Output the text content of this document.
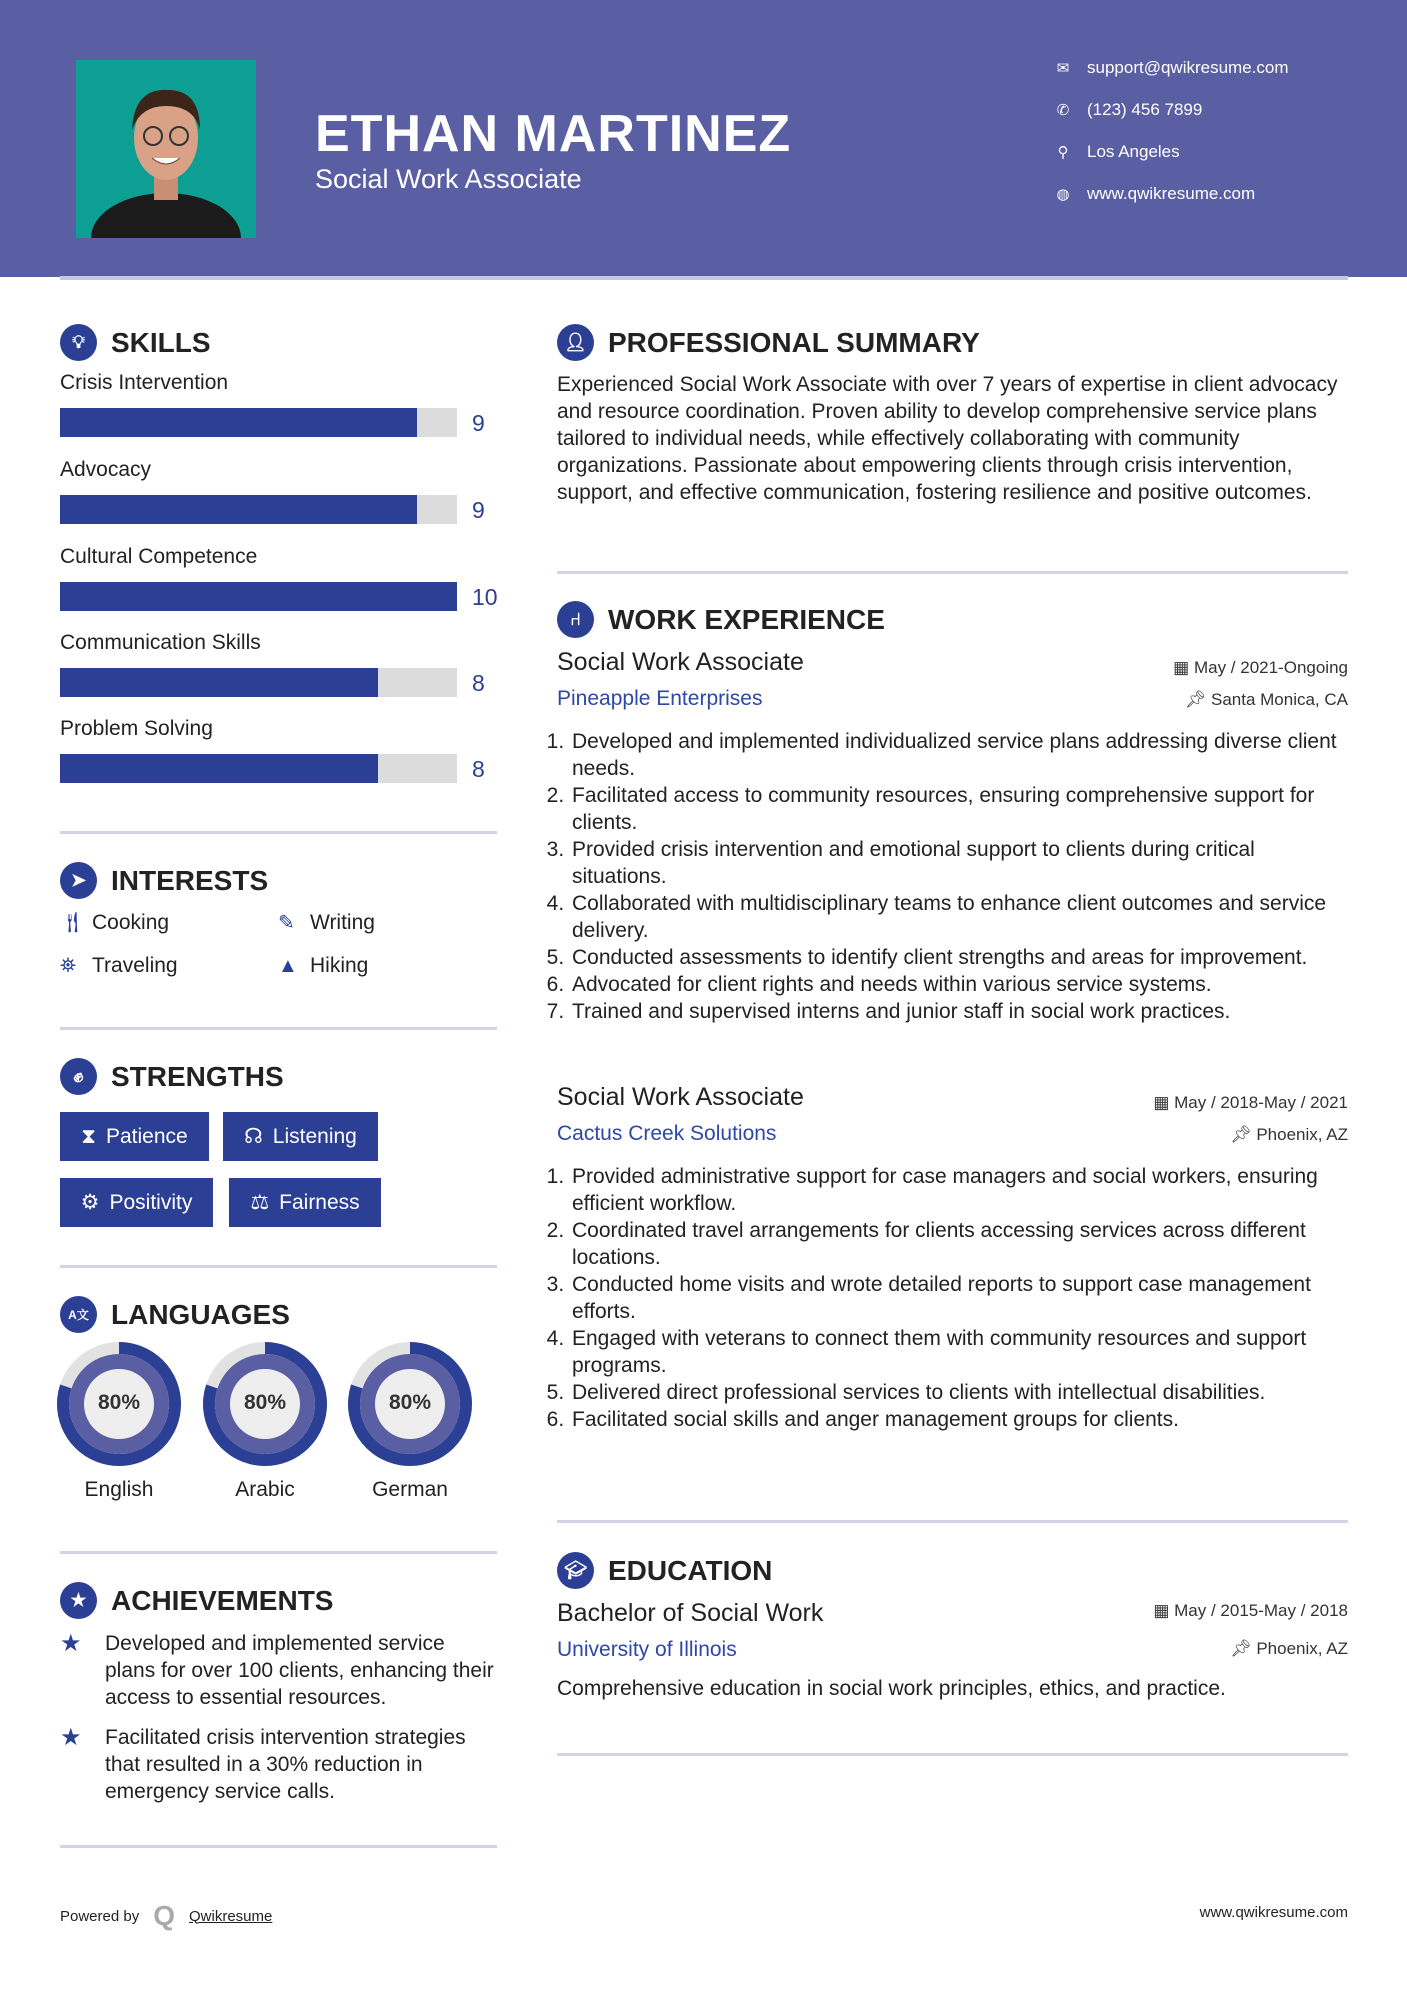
ETHAN MARTINEZ
Social Work Associate
✉ support@qwikresume.com
✆ (123) 456 7899
⚲ Los Angeles
◍ www.qwikresume.com
💡︎ SKILLS
Crisis Intervention
9
Advocacy
9
Cultural Competence
10
Communication Skills
8
Problem Solving
8
➤ INTERESTS
🍴︎ Cooking	✎ Writing
⛯ Traveling	▲ Hiking
✊︎ STRENGTHS
⧗ Patience	☊ Listening
⚙ Positivity	⚖ Fairness
A文 LANGUAGES
80%
English
80%
Arabic
80%
German
★ ACHIEVEMENTS
★ Developed and implemented service plans for over 100 clients, enhancing their access to essential resources.
★ Facilitated crisis intervention strategies that resulted in a 30% reduction in emergency service calls.
👤︎ PROFESSIONAL SUMMARY
Experienced Social Work Associate with over 7 years of expertise in client advocacy and resource coordination. Proven ability to develop comprehensive service plans tailored to individual needs, while effectively collaborating with community organizations. Passionate about empowering clients through crisis intervention, support, and effective communication, fostering resilience and positive outcomes.
⑁ WORK EXPERIENCE
Social Work Associate	▦ May / 2021-Ongoing
Pineapple Enterprises	📌︎ Santa Monica, CA
1. Developed and implemented individualized service plans addressing diverse client needs.
2. Facilitated access to community resources, ensuring comprehensive support for clients.
3. Provided crisis intervention and emotional support to clients during critical situations.
4. Collaborated with multidisciplinary teams to enhance client outcomes and service delivery.
5. Conducted assessments to identify client strengths and areas for improvement.
6. Advocated for client rights and needs within various service systems.
7. Trained and supervised interns and junior staff in social work practices.
Social Work Associate	▦ May / 2018-May / 2021
Cactus Creek Solutions	📌︎ Phoenix, AZ
1. Provided administrative support for case managers and social workers, ensuring efficient workflow.
2. Coordinated travel arrangements for clients accessing services across different locations.
3. Conducted home visits and wrote detailed reports to support case management efforts.
4. Engaged with veterans to connect them with community resources and support programs.
5. Delivered direct professional services to clients with intellectual disabilities.
6. Facilitated social skills and anger management groups for clients.
🎓︎ EDUCATION
Bachelor of Social Work	▦ May / 2015-May / 2018
University of Illinois	📌︎ Phoenix, AZ
Comprehensive education in social work principles, ethics, and practice.
Powered by Q Qwikresume	www.qwikresume.com
